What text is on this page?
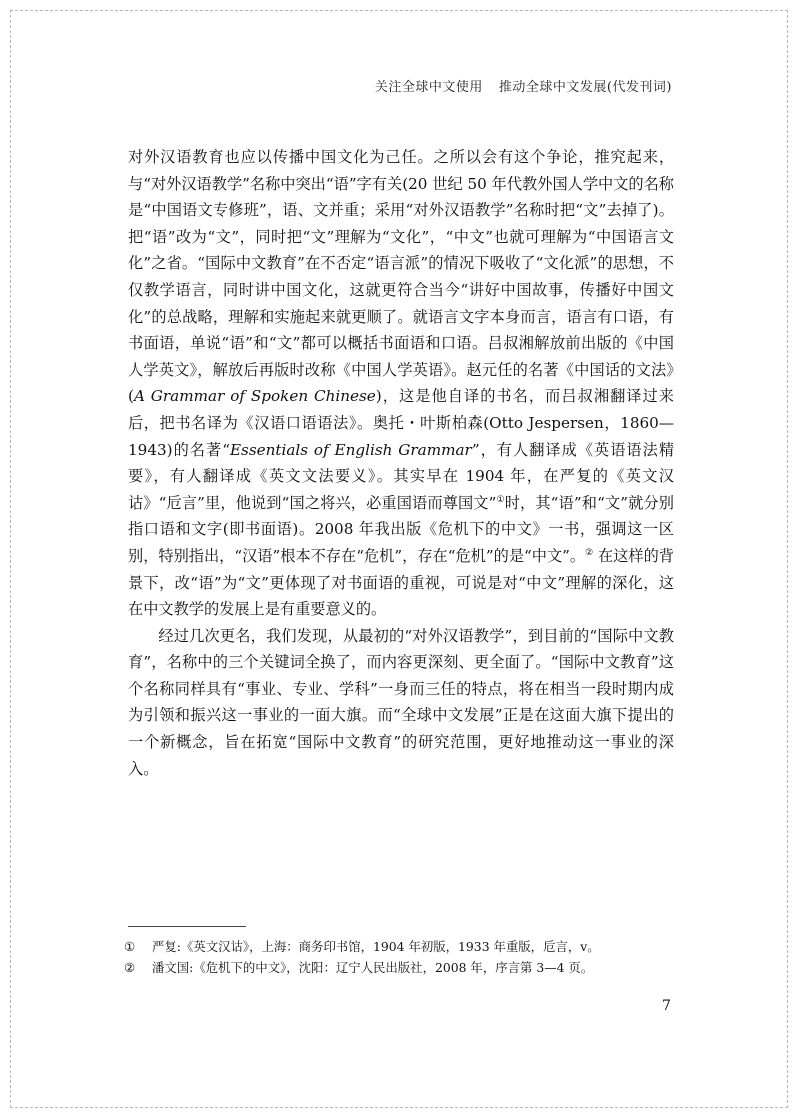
关注全球中文使用 推动全球中文发展(代发刊词)

对外汉语教育也应以传播中国文化为己任。之所以会有这个争论，推究起来，与“对外汉语教学”名称中突出“语”字有关(20 世纪 50 年代教外国人学中文的名称是“中国语文专修班”，语、文并重；采用“对外汉语教学”名称时把“文”去掉了)。把“语”改为“文”，同时把“文”理解为“文化”，“中文”也就可理解为“中国语言文化”之省。“国际中文教育”在不否定“语言派”的情况下吸收了“文化派”的思想，不仅教学语言，同时讲中国文化，这就更符合当今“讲好中国故事，传播好中国文化”的总战略，理解和实施起来就更顺了。就语言文字本身而言，语言有口语，有书面语，单说“语”和“文”都可以概括书面语和口语。吕叔湘解放前出版的《中国人学英文》，解放后再版时改称《中国人学英语》。赵元任的名著《中国话的文法》(A Grammar of Spoken Chinese)，这是他自译的书名，而吕叔湘翻译过来后，把书名译为《汉语口语语法》。奥托・叶斯柏森(Otto Jespersen，1860—1943)的名著“Essentials of English Grammar”，有人翻译成《英语语法精要》，有人翻译成《英文文法要义》。其实早在 1904 年，在严复的《英文汉诂》“卮言”里，他说到“国之将兴，必重国语而尊国文”①时，其“语”和“文”就分别指口语和文字(即书面语)。2008 年我出版《危机下的中文》一书，强调这一区别，特别指出，“汉语”根本不存在“危机”，存在“危机”的是“中文”。② 在这样的背景下，改“语”为“文”更体现了对书面语的重视，可说是对“中文”理解的深化，这在中文教学的发展上是有重要意义的。

经过几次更名，我们发现，从最初的“对外汉语教学”，到目前的“国际中文教育”，名称中的三个关键词全换了，而内容更深刻、更全面了。“国际中文教育”这个名称同样具有“事业、专业、学科”一身而三任的特点，将在相当一段时期内成为引领和振兴这一事业的一面大旗。而“全球中文发展”正是在这面大旗下提出的一个新概念，旨在拓宽“国际中文教育”的研究范围，更好地推动这一事业的深入。

①	严复:《英文汉诂》，上海：商务印书馆，1904 年初版，1933 年重版，卮言，v。
②	潘文国:《危机下的中文》，沈阳：辽宁人民出版社，2008 年，序言第 3—4 页。
7
